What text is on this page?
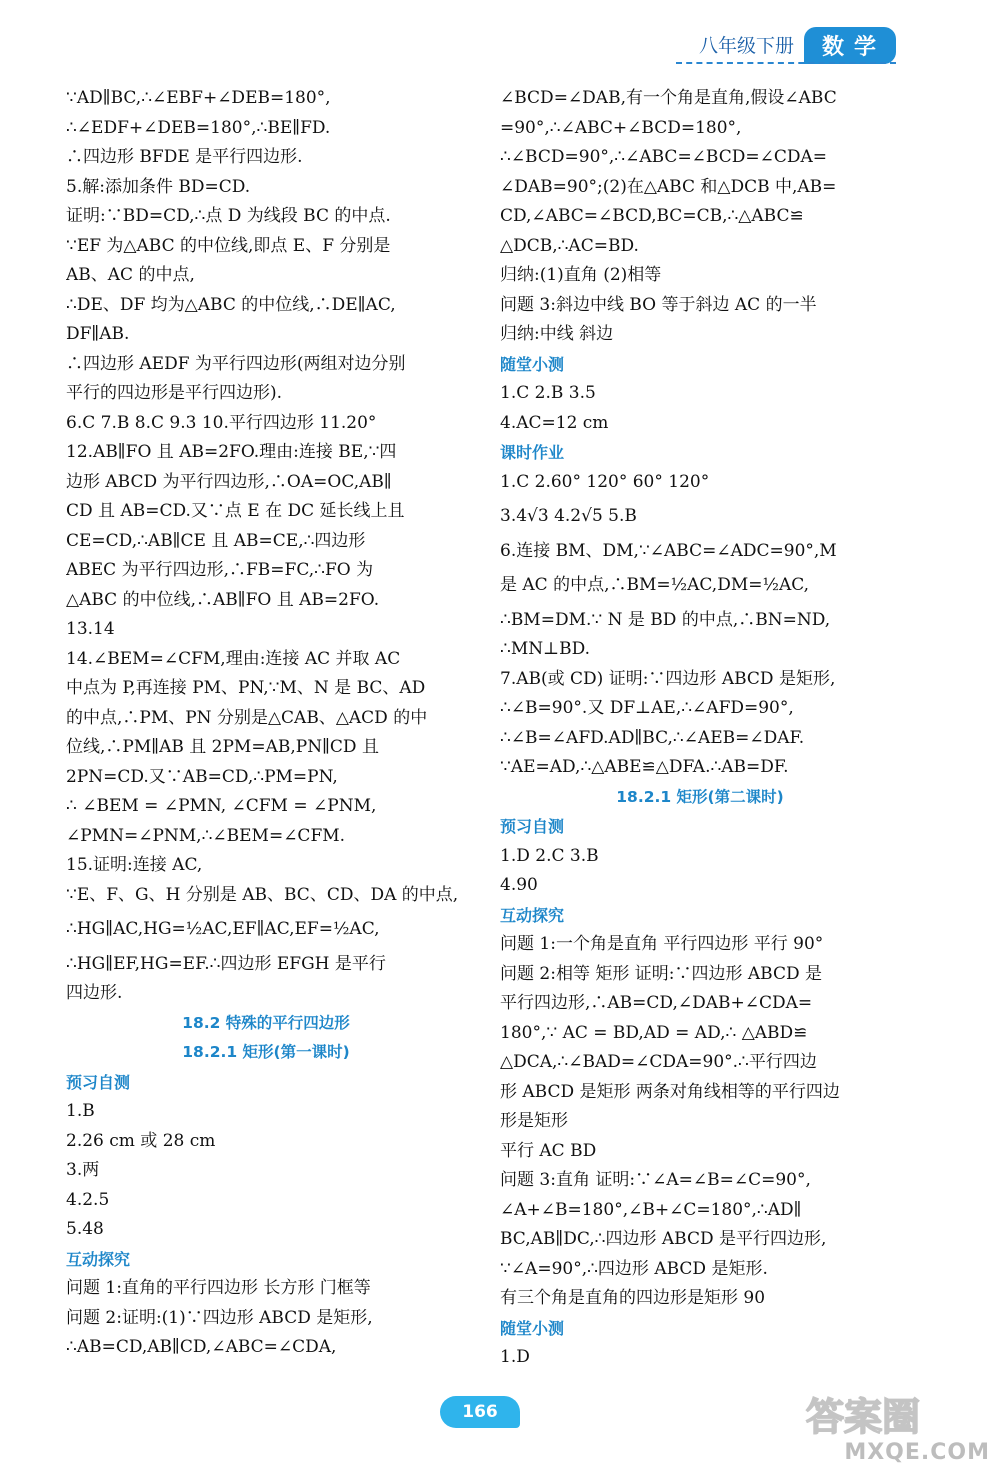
八年级下册	数学
∵AD∥BC,∴∠EBF+∠DEB=180°,
∴∠EDF+∠DEB=180°,∴BE∥FD.
∴四边形 BFDE 是平行四边形.
5.解:添加条件 BD=CD.
证明:∵BD=CD,∴点 D 为线段 BC 的中点.
∵EF 为△ABC 的中位线,即点 E、F 分别是
AB、AC 的中点,
∴DE、DF 均为△ABC 的中位线,∴DE∥AC,
DF∥AB.
∴四边形 AEDF 为平行四边形(两组对边分别
平行的四边形是平行四边形).
6.C 7.B 8.C 9.3 10.平行四边形 11.20°
12.AB∥FO 且 AB=2FO.理由:连接 BE,∵四
边形 ABCD 为平行四边形,∴OA=OC,AB∥
CD 且 AB=CD.又∵点 E 在 DC 延长线上且
CE=CD,∴AB∥CE 且 AB=CE,∴四边形
ABEC 为平行四边形,∴FB=FC,∴FO 为
△ABC 的中位线,∴AB∥FO 且 AB=2FO.
13.14
14.∠BEM=∠CFM,理由:连接 AC 并取 AC
中点为 P,再连接 PM、PN,∵M、N 是 BC、AD
的中点,∴PM、PN 分别是△CAB、△ACD 的中
位线,∴PM∥AB 且 2PM=AB,PN∥CD 且
2PN=CD.又∵AB=CD,∴PM=PN,
∴ ∠BEM = ∠PMN, ∠CFM = ∠PNM,
∠PMN=∠PNM,∴∠BEM=∠CFM.
15.证明:连接 AC,
∵E、F、G、H 分别是 AB、BC、CD、DA 的中点,
∴HG∥AC,HG=½AC,EF∥AC,EF=½AC,
∴HG∥EF,HG=EF.∴四边形 EFGH 是平行
四边形.
18.2 特殊的平行四边形
18.2.1 矩形(第一课时)
预习自测
1.B
2.26 cm 或 28 cm
3.两
4.2.5
5.48
互动探究
问题 1:直角的平行四边形 长方形 门框等
问题 2:证明:(1)∵四边形 ABCD 是矩形,
∴AB=CD,AB∥CD,∠ABC=∠CDA,
∠BCD=∠DAB,有一个角是直角,假设∠ABC
=90°,∴∠ABC+∠BCD=180°,
∴∠BCD=90°,∴∠ABC=∠BCD=∠CDA=
∠DAB=90°;(2)在△ABC 和△DCB 中,AB=
CD,∠ABC=∠BCD,BC=CB,∴△ABC≌
△DCB,∴AC=BD.
归纳:(1)直角 (2)相等
问题 3:斜边中线 BO 等于斜边 AC 的一半
归纳:中线 斜边
随堂小测
1.C 2.B 3.5
4.AC=12 cm
课时作业
1.C 2.60° 120° 60° 120°
3.4√3 4.2√5 5.B
6.连接 BM、DM,∵∠ABC=∠ADC=90°,M
是 AC 的中点,∴BM=½AC,DM=½AC,
∴BM=DM.∵ N 是 BD 的中点,∴BN=ND,
∴MN⊥BD.
7.AB(或 CD) 证明:∵四边形 ABCD 是矩形,
∴∠B=90°.又 DF⊥AE,∴∠AFD=90°,
∴∠B=∠AFD.AD∥BC,∴∠AEB=∠DAF.
∵AE=AD,∴△ABE≌△DFA.∴AB=DF.
18.2.1 矩形(第二课时)
预习自测
1.D 2.C 3.B
4.90
互动探究
问题 1:一个角是直角 平行四边形 平行 90°
问题 2:相等 矩形 证明:∵四边形 ABCD 是
平行四边形,∴AB=CD,∠DAB+∠CDA=
180°,∵ AC = BD,AD = AD,∴ △ABD≌
△DCA,∴∠BAD=∠CDA=90°.∴平行四边
形 ABCD 是矩形 两条对角线相等的平行四边
形是矩形
平行 AC BD
问题 3:直角 证明:∵∠A=∠B=∠C=90°,
∠A+∠B=180°,∠B+∠C=180°,∴AD∥
BC,AB∥DC,∴四边形 ABCD 是平行四边形,
∵∠A=90°,∴四边形 ABCD 是矩形.
有三个角是直角的四边形是矩形 90
随堂小测
1.D
166	答案圈
MXQE.COM
